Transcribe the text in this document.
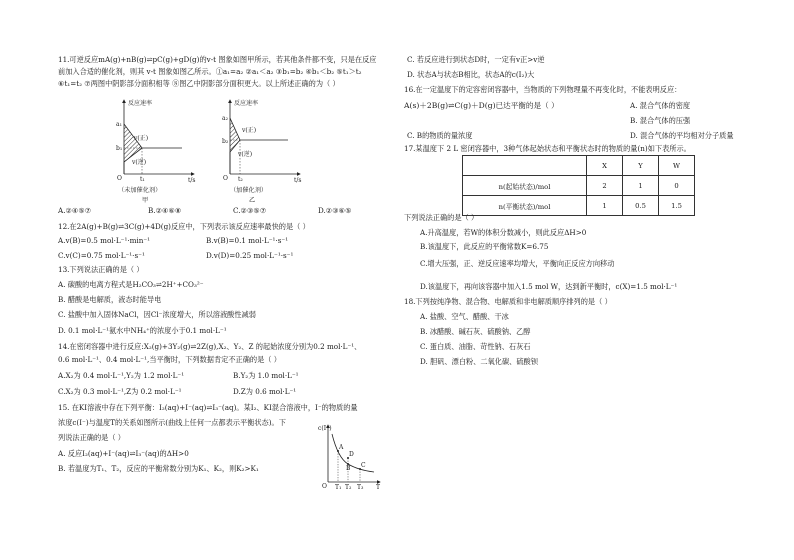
11.可逆反应mA(g)+nB(g)⇌pC(g)+gD(g)的v-t 图象如图甲所示，若其他条件都不变，只是在反应
前加入合适的催化剂，则其 v-t 图象如图乙所示。①a₁=a₂ ②a₁＜a₂ ③b₁=b₂ ④b₁＜b₂ ⑤t₁＞t₂
⑥t₁=t₂ ⑦两图中阴影部分面积相等 ⑧图乙中阴影部分面积更大。以上所述正确的为（ ）
反应速率
a₁
b₁
O	t₁	t/s
v(正)
v(逆)
（未加催化剂）
甲
反应速率
a₂
b₂
O t₂	t/s
v(正)
v(逆)
（加催化剂）
乙
A.②④⑤⑦	B.②④⑥⑧	C.②③⑤⑦	D.②③⑥⑤
12.在2A(g)+B(g)⇌3C(g)+4D(g)反应中，下列表示该反应速率最快的是（ ）
A.v(B)=0.5 mol·L⁻¹·min⁻¹	B.v(B)=0.1 mol·L⁻¹·s⁻¹
C.v(C)=0.75 mol·L⁻¹·s⁻¹	D.v(D)=0.25 mol·L⁻¹·s⁻¹
13.下列说法正确的是（ ）
A. 碳酸的电离方程式是H₂CO₃⇌2H⁺+CO₃²⁻
B. 醋酸是电解质，液态时能导电
C. 盐酸中加入固体NaCl，因Cl⁻浓度增大，所以溶液酸性减弱
D. 0.1 mol·L⁻¹氨水中NH₄⁺的浓度小于0.1 mol·L⁻¹
14.在密闭容器中进行反应:X₂(g)+3Y₂(g)⇌2Z(g),X₂、Y₂、Z 的起始浓度分别为0.2 mol·L⁻¹、
0.6 mol·L⁻¹、0.4 mol·L⁻¹,当平衡时，下列数据肯定不正确的是（ ）
A.X₂为 0.4 mol·L⁻¹,Y₂为 1.2 mol·L⁻¹	B.Y₂为 1.0 mol·L⁻¹
C.X₂为 0.3 mol·L⁻¹,Z为 0.2 mol·L⁻¹	D.Z为 0.6 mol·L⁻¹
15. 在KI溶液中存在下列平衡：I₂(aq)+I⁻(aq)⇌I₃⁻(aq)。某I₂、KI混合溶液中，I⁻的物质的量
浓度c(I⁻)与温度T的关系如图所示(曲线上任何一点都表示平衡状态)。下
列说法正确的是（ ）
A. 反应I₂(aq)+I⁻(aq)⇌I₃⁻(aq)的ΔH>0
B. 若温度为T₁、T₂，反应的平衡常数分别为K₁、K₂，则K₂>K₁
c(I⁻)
O	T
A
D
B C
T₁ T₂ T₃
C. 若反应进行到状态D时，一定有v正>v逆
D. 状态A与状态B相比，状态A的c(I₂)大
16.在一定温度下的定容密闭容器中，当物质的下列物理量不再变化时，不能表明反应：
A(s)＋2B(g)⇌C(g)＋D(g)已达平衡的是（ ）	A. 混合气体的密度
B. 混合气体的压强
C. B的物质的量浓度	D. 混合气体的平均相对分子质量
17.某温度下 2 L 密闭容器中，3种气体起始状态和平衡状态时的物质的量(n)如下表所示。
	X	Y	W
n(起始状态)/mol	2	1	0
n(平衡状态)/mol	1	0.5	1.5
下列说法正确的是（ ）
A.升高温度，若W的体积分数减小，则此反应ΔH>0
B.该温度下，此反应的平衡常数K=6.75
C.增大压强，正、逆反应速率均增大，平衡向正反应方向移动
D.该温度下，再向该容器中加入1.5 mol W，达到新平衡时，c(X)=1.5 mol·L⁻¹
18.下列按纯净物、混合物、电解质和非电解质顺序排列的是（ ）
A. 盐酸、空气、醋酸、干冰
B. 冰醋酸、碱石灰、硫酸钠、乙醇
C. 蛋白质、油脂、苛性钠、石灰石
D. 胆矾、漂白粉、二氧化碳、硫酸钡
